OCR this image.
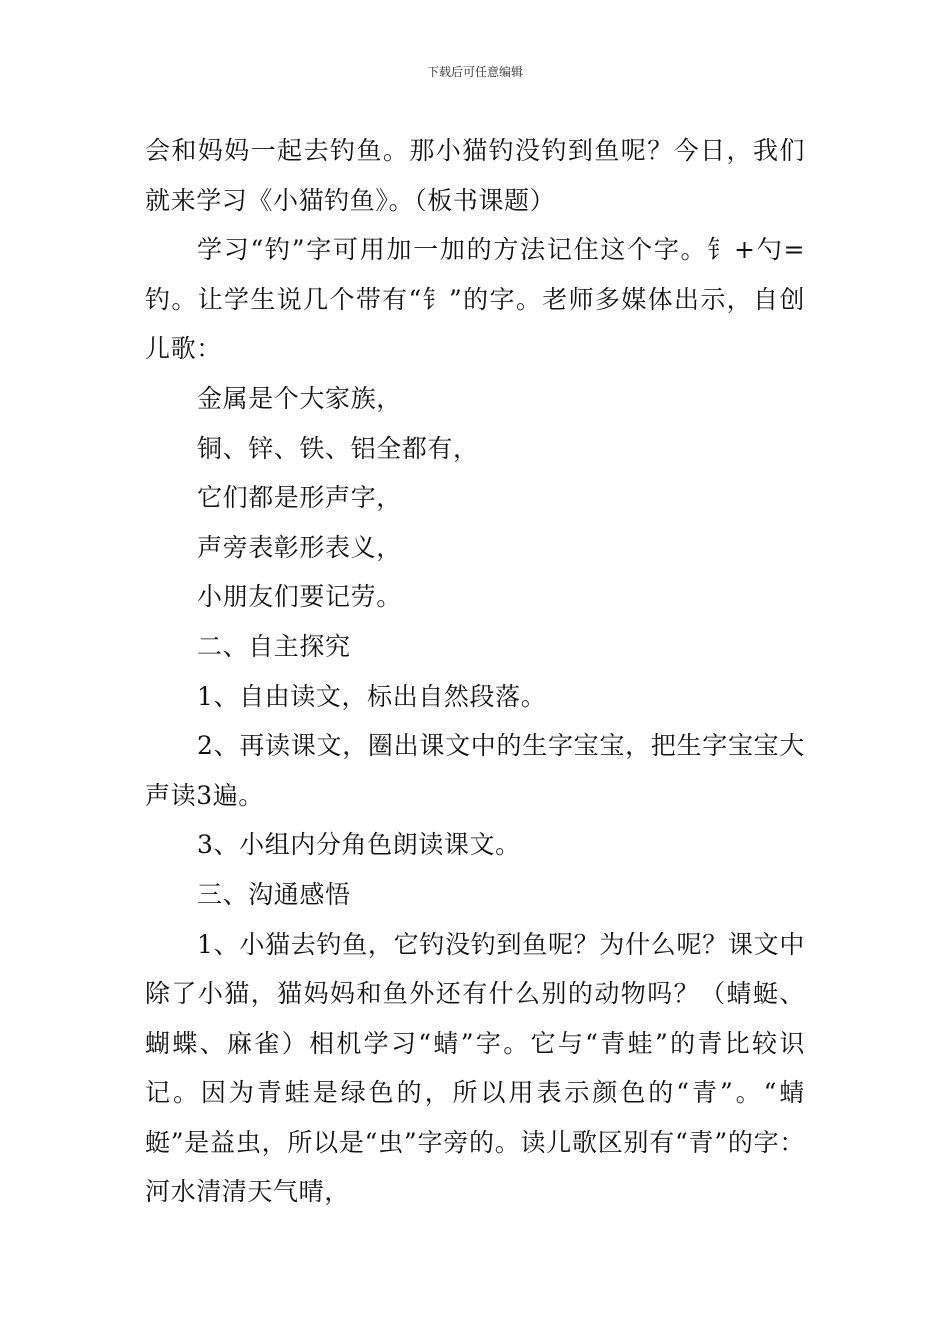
下载后可任意编辑

会和妈妈一起去钓鱼。那小猫钓没钓到鱼呢？今日，我们就来学习《小猫钓鱼》。（板书课题）

学习“钓”字可用加一加的方法记住这个字。钅+勺=钓。让学生说几个带有“钅”的字。老师多媒体出示，自创儿歌：

金属是个大家族，

铜、锌、铁、铝全都有，

它们都是形声字，

声旁表彰形表义，

小朋友们要记劳。

二、自主探究

1、自由读文，标出自然段落。

2、再读课文，圈出课文中的生字宝宝，把生字宝宝大声读3遍。

3、小组内分角色朗读课文。

三、沟通感悟

1、小猫去钓鱼，它钓没钓到鱼呢？为什么呢？课文中除了小猫，猫妈妈和鱼外还有什么别的动物吗？（蜻蜓、蝴蝶、麻雀）相机学习“蜻”字。它与“青蛙”的青比较识记。因为青蛙是绿色的，所以用表示颜色的“青”。“蜻蜓”是益虫，所以是“虫”字旁的。读儿歌区别有“青”的字：河水清清天气晴，
